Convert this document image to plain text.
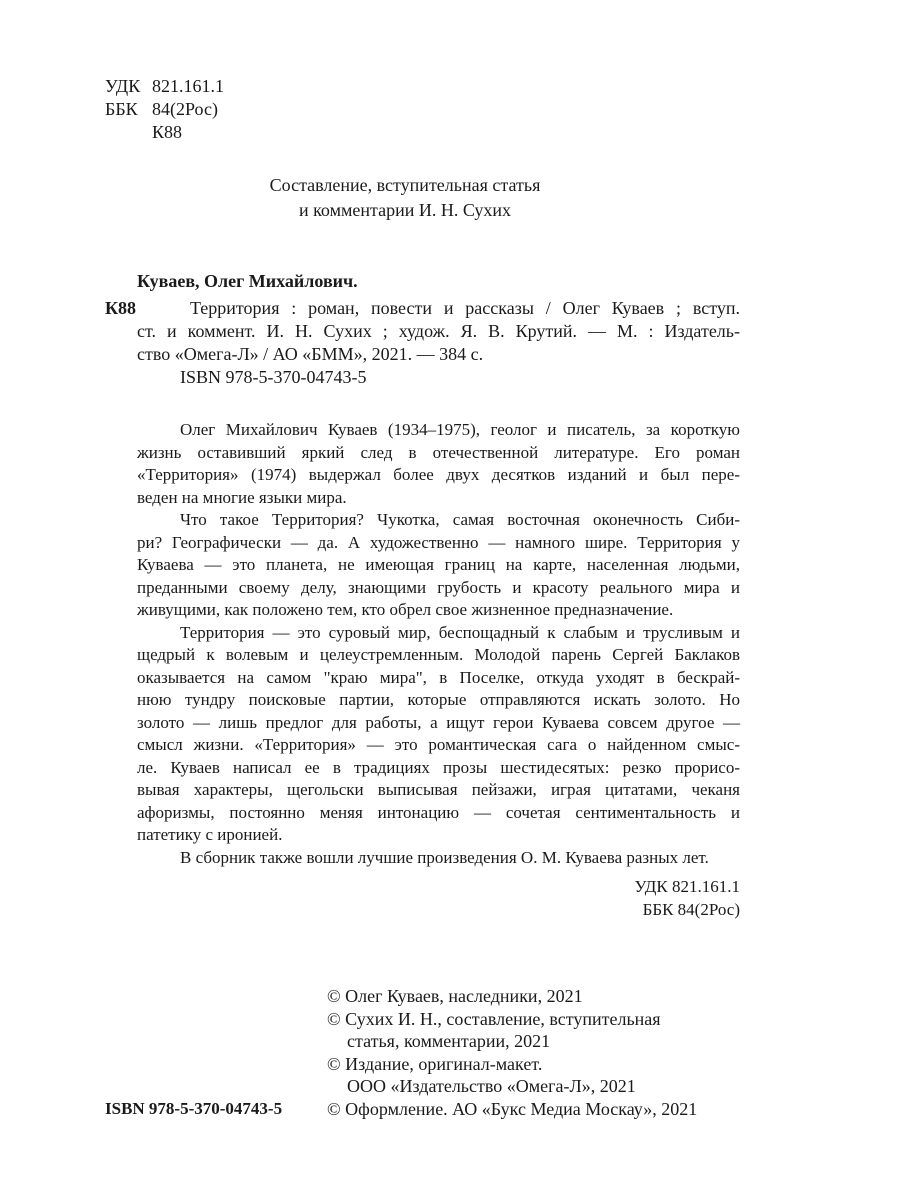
УДК 821.161.1
ББК 84(2Рос)
К88
Составление, вступительная статья
и комментарии И. Н. Сухих
Куваев, Олег Михайлович.
К88	Территория : роман, повести и рассказы / Олег Куваев ; вступ.
ст. и коммент. И. Н. Сухих ; худож. Я. В. Крутий. — М. : Издатель-
ство «Омега-Л» / АО «БММ», 2021. — 384 с.
ISBN 978-5-370-04743-5
Олег Михайлович Куваев (1934–1975), геолог и писатель, за короткую
жизнь оставивший яркий след в отечественной литературе. Его роман
«Территория» (1974) выдержал более двух десятков изданий и был пере-
веден на многие языки мира.
Что такое Территория? Чукотка, самая восточная оконечность Сиби-
ри? Географически — да. А художественно — намного шире. Территория у
Куваева — это планета, не имеющая границ на карте, населенная людьми,
преданными своему делу, знающими грубость и красоту реального мира и
живущими, как положено тем, кто обрел свое жизненное предназначение.
Территория — это суровый мир, беспощадный к слабым и трусливым и
щедрый к волевым и целеустремленным. Молодой парень Сергей Баклаков
оказывается на самом "краю мира", в Поселке, откуда уходят в бескрай-
нюю тундру поисковые партии, которые отправляются искать золото. Но
золото — лишь предлог для работы, а ищут герои Куваева совсем другое —
смысл жизни. «Территория» — это романтическая сага о найденном смыс-
ле. Куваев написал ее в традициях прозы шестидесятых: резко прорисо-
вывая характеры, щегольски выписывая пейзажи, играя цитатами, чеканя
афоризмы, постоянно меняя интонацию — сочетая сентиментальность и
патетику с иронией.
В сборник также вошли лучшие произведения О. М. Куваева разных лет.
УДК 821.161.1
ББК 84(2Рос)
© Олег Куваев, наследники, 2021
© Сухих И. Н., составление, вступительная
статья, комментарии, 2021
© Издание, оригинал-макет.
ООО «Издательство «Омега-Л», 2021
© Оформление. АО «Букс Медиа Москау», 2021
ISBN 978-5-370-04743-5
